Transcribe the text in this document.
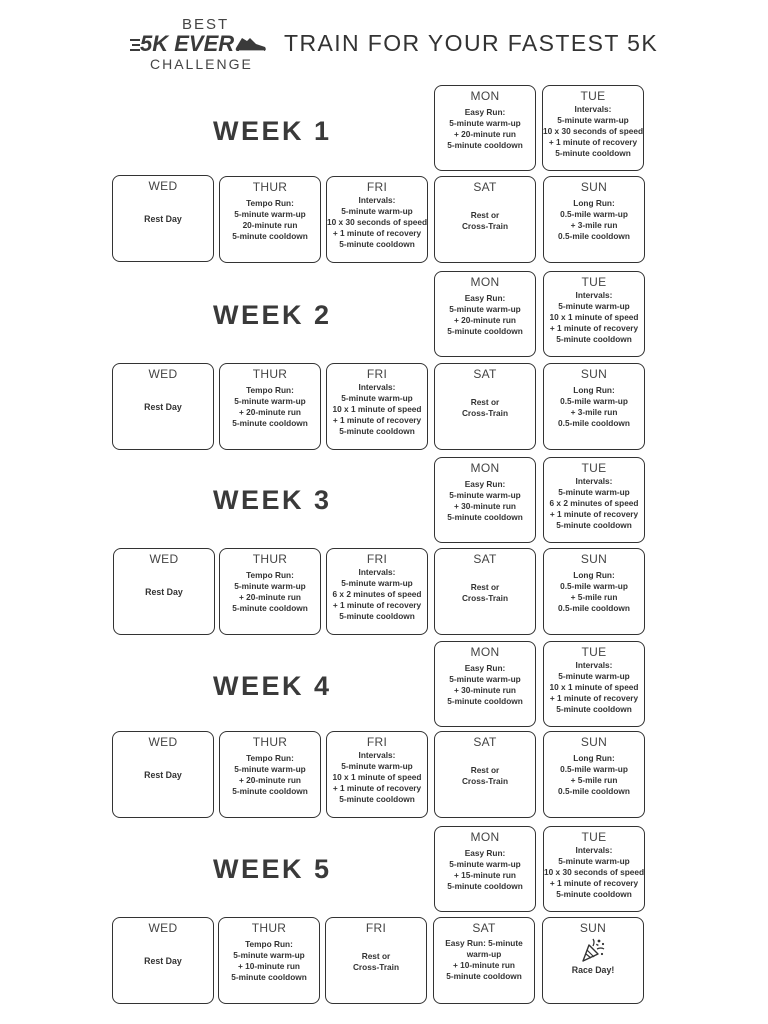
BEST
5K EVER
CHALLENGE
TRAIN FOR YOUR FASTEST 5K
WEEK 1
MON
Easy Run:
5-minute warm-up
+ 20-minute run
5-minute cooldown
TUE
Intervals:
5-minute warm-up
10 x 30 seconds of speed
+ 1 minute of recovery
5-minute cooldown
WED
Rest Day
THUR
Tempo Run:
5-minute warm-up
20-minute run
5-minute cooldown
FRI
Intervals:
5-minute warm-up
10 x 30 seconds of speed
+ 1 minute of recovery
5-minute cooldown
SAT
Rest or
Cross-Train
SUN
Long Run:
0.5-mile warm-up
+ 3-mile run
0.5-mile cooldown
WEEK 2
MON
Easy Run:
5-minute warm-up
+ 20-minute run
5-minute cooldown
TUE
Intervals:
5-minute warm-up
10 x 1 minute of speed
+ 1 minute of recovery
5-minute cooldown
WED
Rest Day
THUR
Tempo Run:
5-minute warm-up
+ 20-minute run
5-minute cooldown
FRI
Intervals:
5-minute warm-up
10 x 1 minute of speed
+ 1 minute of recovery
5-minute cooldown
SAT
Rest or
Cross-Train
SUN
Long Run:
0.5-mile warm-up
+ 3-mile run
0.5-mile cooldown
WEEK 3
MON
Easy Run:
5-minute warm-up
+ 30-minute run
5-minute cooldown
TUE
Intervals:
5-minute warm-up
6 x 2 minutes of speed
+ 1 minute of recovery
5-minute cooldown
WED
Rest Day
THUR
Tempo Run:
5-minute warm-up
+ 20-minute run
5-minute cooldown
FRI
Intervals:
5-minute warm-up
6 x 2 minutes of speed
+ 1 minute of recovery
5-minute cooldown
SAT
Rest or
Cross-Train
SUN
Long Run:
0.5-mile warm-up
+ 5-mile run
0.5-mile cooldown
WEEK 4
MON
Easy Run:
5-minute warm-up
+ 30-minute run
5-minute cooldown
TUE
Intervals:
5-minute warm-up
10 x 1 minute of speed
+ 1 minute of recovery
5-minute cooldown
WED
Rest Day
THUR
Tempo Run:
5-minute warm-up
+ 20-minute run
5-minute cooldown
FRI
Intervals:
5-minute warm-up
10 x 1 minute of speed
+ 1 minute of recovery
5-minute cooldown
SAT
Rest or
Cross-Train
SUN
Long Run:
0.5-mile warm-up
+ 5-mile run
0.5-mile cooldown
WEEK 5
MON
Easy Run:
5-minute warm-up
+ 15-minute run
5-minute cooldown
TUE
Intervals:
5-minute warm-up
10 x 30 seconds of speed
+ 1 minute of recovery
5-minute cooldown
WED
Rest Day
THUR
Tempo Run:
5-minute warm-up
+ 10-minute run
5-minute cooldown
FRI
Rest or
Cross-Train
SAT
Easy Run: 5-minute
warm-up
+ 10-minute run
5-minute cooldown
SUN
Race Day!
